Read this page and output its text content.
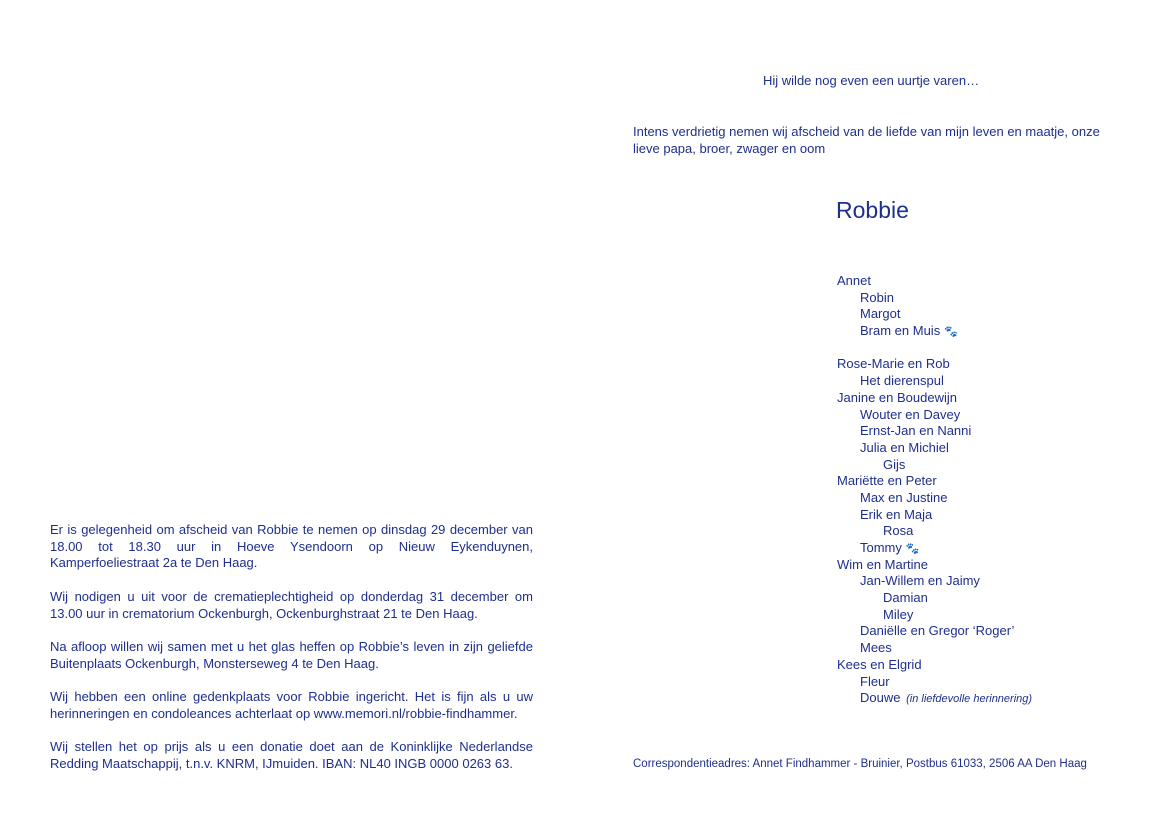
Hij wilde nog even een uurtje varen…
Intens verdrietig nemen wij afscheid van de liefde van mijn leven en maatje, onze lieve papa, broer, zwager en oom
Robbie
Annet
Robin
Margot
Bram en Muis 🐾
Rose-Marie en Rob
Het dierenspul
Janine en Boudewijn
Wouter en Davey
Ernst-Jan en Nanni
Julia en Michiel
Gijs
Mariëtte en Peter
Max en Justine
Erik en Maja
Rosa
Tommy 🐾
Wim en Martine
Jan-Willem en Jaimy
Damian
Miley
Daniëlle en Gregor ‘Roger’
Mees
Kees en Elgrid
Fleur
Douwe (in liefdevolle herinnering)

Er is gelegenheid om afscheid van Robbie te nemen op dinsdag 29 december van 18.00 tot 18.30 uur in Hoeve Ysendoorn op Nieuw Eykenduynen, Kamperfoeliestraat 2a te Den Haag.

Wij nodigen u uit voor de crematieplechtigheid op donderdag 31 december om 13.00 uur in crematorium Ockenburgh, Ockenburghstraat 21 te Den Haag.

Na afloop willen wij samen met u het glas heffen op Robbie’s leven in zijn geliefde Buitenplaats Ockenburgh, Monsterseweg 4 te Den Haag.

Wij hebben een online gedenkplaats voor Robbie ingericht. Het is fijn als u uw herinneringen en condoleances achterlaat op www.memori.nl/robbie-findhammer.

Wij stellen het op prijs als u een donatie doet aan de Koninklijke Nederlandse Redding Maatschappij, t.n.v. KNRM, IJmuiden. IBAN: NL40 INGB 0000 0263 63.	Correspondentieadres: Annet Findhammer - Bruinier, Postbus 61033, 2506 AA Den Haag
